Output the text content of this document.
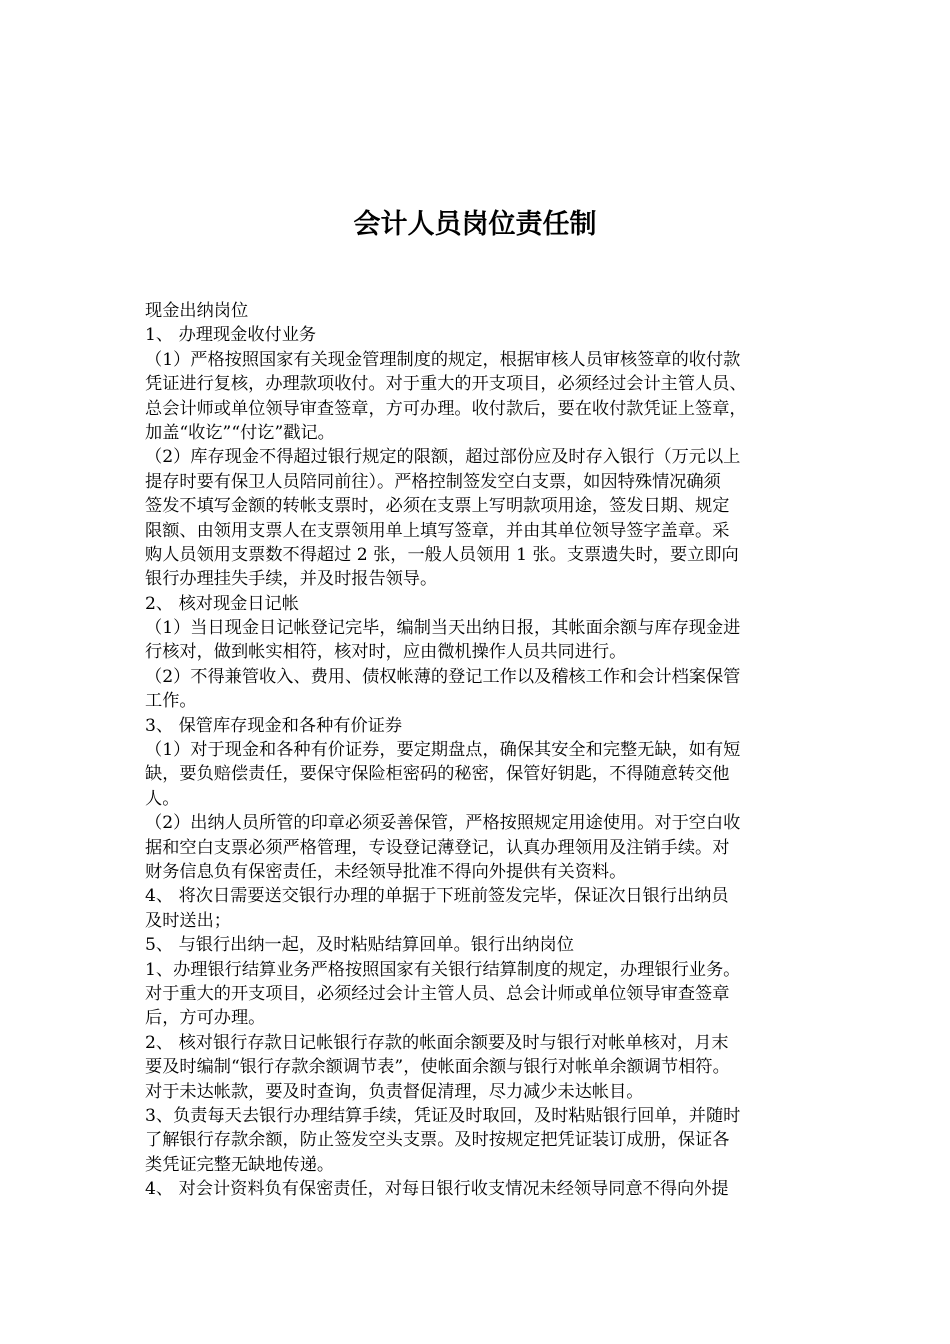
会计人员岗位责任制
现金出纳岗位
1、 办理现金收付业务
（1）严格按照国家有关现金管理制度的规定，根据审核人员审核签章的收付款
凭证进行复核，办理款项收付。对于重大的开支项目，必须经过会计主管人员、
总会计师或单位领导审查签章，方可办理。收付款后，要在收付款凭证上签章，
加盖“收讫”“付讫”戳记。
（2）库存现金不得超过银行规定的限额，超过部份应及时存入银行（万元以上
提存时要有保卫人员陪同前往）。严格控制签发空白支票，如因特殊情况确须
签发不填写金额的转帐支票时，必须在支票上写明款项用途，签发日期、规定
限额、由领用支票人在支票领用单上填写签章，并由其单位领导签字盖章。采
购人员领用支票数不得超过 2 张，一般人员领用 1 张。支票遗失时，要立即向
银行办理挂失手续，并及时报告领导。
2、 核对现金日记帐
（1）当日现金日记帐登记完毕，编制当天出纳日报，其帐面余额与库存现金进
行核对，做到帐实相符，核对时，应由微机操作人员共同进行。
（2）不得兼管收入、费用、债权帐薄的登记工作以及稽核工作和会计档案保管
工作。
3、 保管库存现金和各种有价证券
（1）对于现金和各种有价证券，要定期盘点，确保其安全和完整无缺，如有短
缺，要负赔偿责任，要保守保险柜密码的秘密，保管好钥匙，不得随意转交他
人。
（2）出纳人员所管的印章必须妥善保管，严格按照规定用途使用。对于空白收
据和空白支票必须严格管理，专设登记薄登记，认真办理领用及注销手续。对
财务信息负有保密责任，未经领导批准不得向外提供有关资料。
4、 将次日需要送交银行办理的单据于下班前签发完毕，保证次日银行出纳员
及时送出；
5、 与银行出纳一起，及时粘贴结算回单。银行出纳岗位
1、办理银行结算业务严格按照国家有关银行结算制度的规定，办理银行业务。
对于重大的开支项目，必须经过会计主管人员、总会计师或单位领导审查签章
后，方可办理。
2、 核对银行存款日记帐银行存款的帐面余额要及时与银行对帐单核对，月末
要及时编制“银行存款余额调节表”，使帐面余额与银行对帐单余额调节相符。
对于未达帐款，要及时查询，负责督促清理，尽力减少未达帐目。
3、负责每天去银行办理结算手续，凭证及时取回，及时粘贴银行回单，并随时
了解银行存款余额，防止签发空头支票。及时按规定把凭证装订成册，保证各
类凭证完整无缺地传递。
4、 对会计资料负有保密责任，对每日银行收支情况未经领导同意不得向外提
